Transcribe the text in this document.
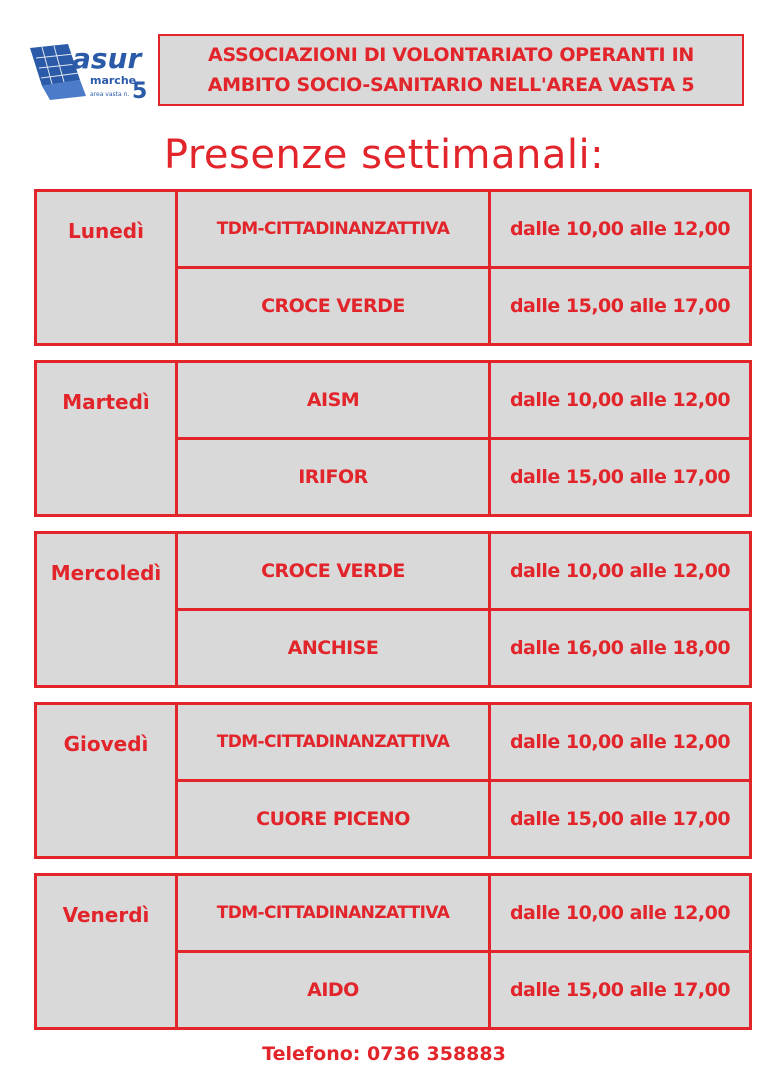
asur
marche
area vasta n. 5
ASSOCIAZIONI DI VOLONTARIATO OPERANTI IN
AMBITO SOCIO-SANITARIO NELL'AREA VASTA 5
Presenze settimanali:
Lunedì	TDM-CITTADINANZATTIVA	dalle 10,00 alle 12,00
CROCE VERDE	dalle 15,00 alle 17,00
Martedì	AISM	dalle 10,00 alle 12,00
IRIFOR	dalle 15,00 alle 17,00
Mercoledì	CROCE VERDE	dalle 10,00 alle 12,00
ANCHISE	dalle 16,00 alle 18,00
Giovedì	TDM-CITTADINANZATTIVA	dalle 10,00 alle 12,00
CUORE PICENO	dalle 15,00 alle 17,00
Venerdì	TDM-CITTADINANZATTIVA	dalle 10,00 alle 12,00
AIDO	dalle 15,00 alle 17,00
Telefono: 0736 358883
